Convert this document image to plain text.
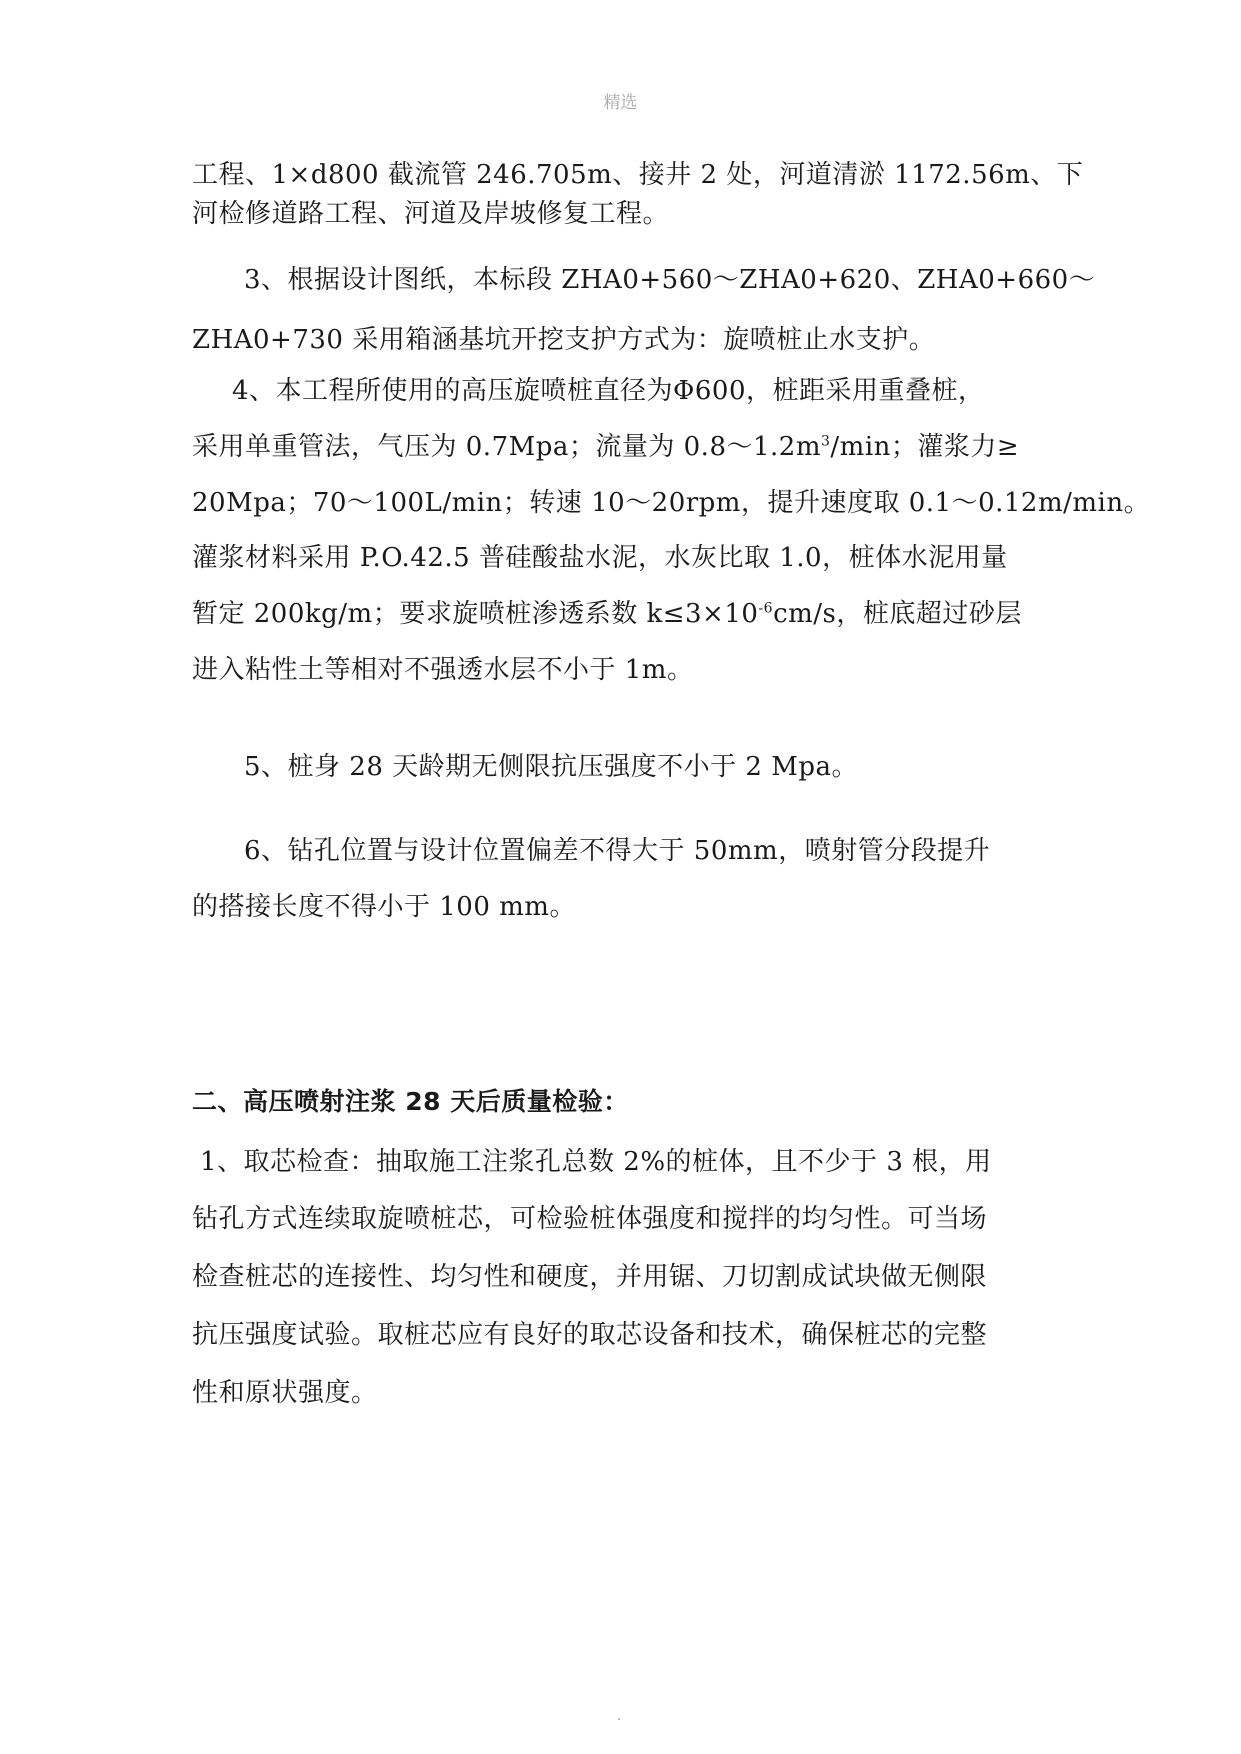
精选
工程、1×d800 截流管 246.705m、接井 2 处，河道清淤 1172.56m、下
河检修道路工程、河道及岸坡修复工程。
3、根据设计图纸，本标段 ZHA0+560～ZHA0+620、ZHA0+660～
ZHA0+730 采用箱涵基坑开挖支护方式为：旋喷桩止水支护。
4、本工程所使用的高压旋喷桩直径为Φ600，桩距采用重叠桩，
采用单重管法，气压为 0.7Mpa；流量为 $0.8\sim 1.2m^3/\min$；灌浆力≥
20Mpa；70～100L/min；转速 10～20rpm，提升速度取 0.1～0.12m/min。
灌浆材料采用 P.O.42.5 普硅酸盐水泥，水灰比取 1.0，桩体水泥用量
暂定 200kg/m；要求旋喷桩渗透系数 $k\le 3\times 10^{-6}cm/s$，桩底超过砂层
进入粘性土等相对不强透水层不小于 1m。
5、桩身 28 天龄期无侧限抗压强度不小于 2 Mpa。
6、钻孔位置与设计位置偏差不得大于 50mm，喷射管分段提升
的搭接长度不得小于 100 mm。
二、高压喷射注浆 28 天后质量检验：
1、取芯检查：抽取施工注浆孔总数 2%的桩体，且不少于 3 根，用
钻孔方式连续取旋喷桩芯，可检验桩体强度和搅拌的均匀性。可当场
检查桩芯的连接性、均匀性和硬度，并用锯、刀切割成试块做无侧限
抗压强度试验。取桩芯应有良好的取芯设备和技术，确保桩芯的完整
性和原状强度。
